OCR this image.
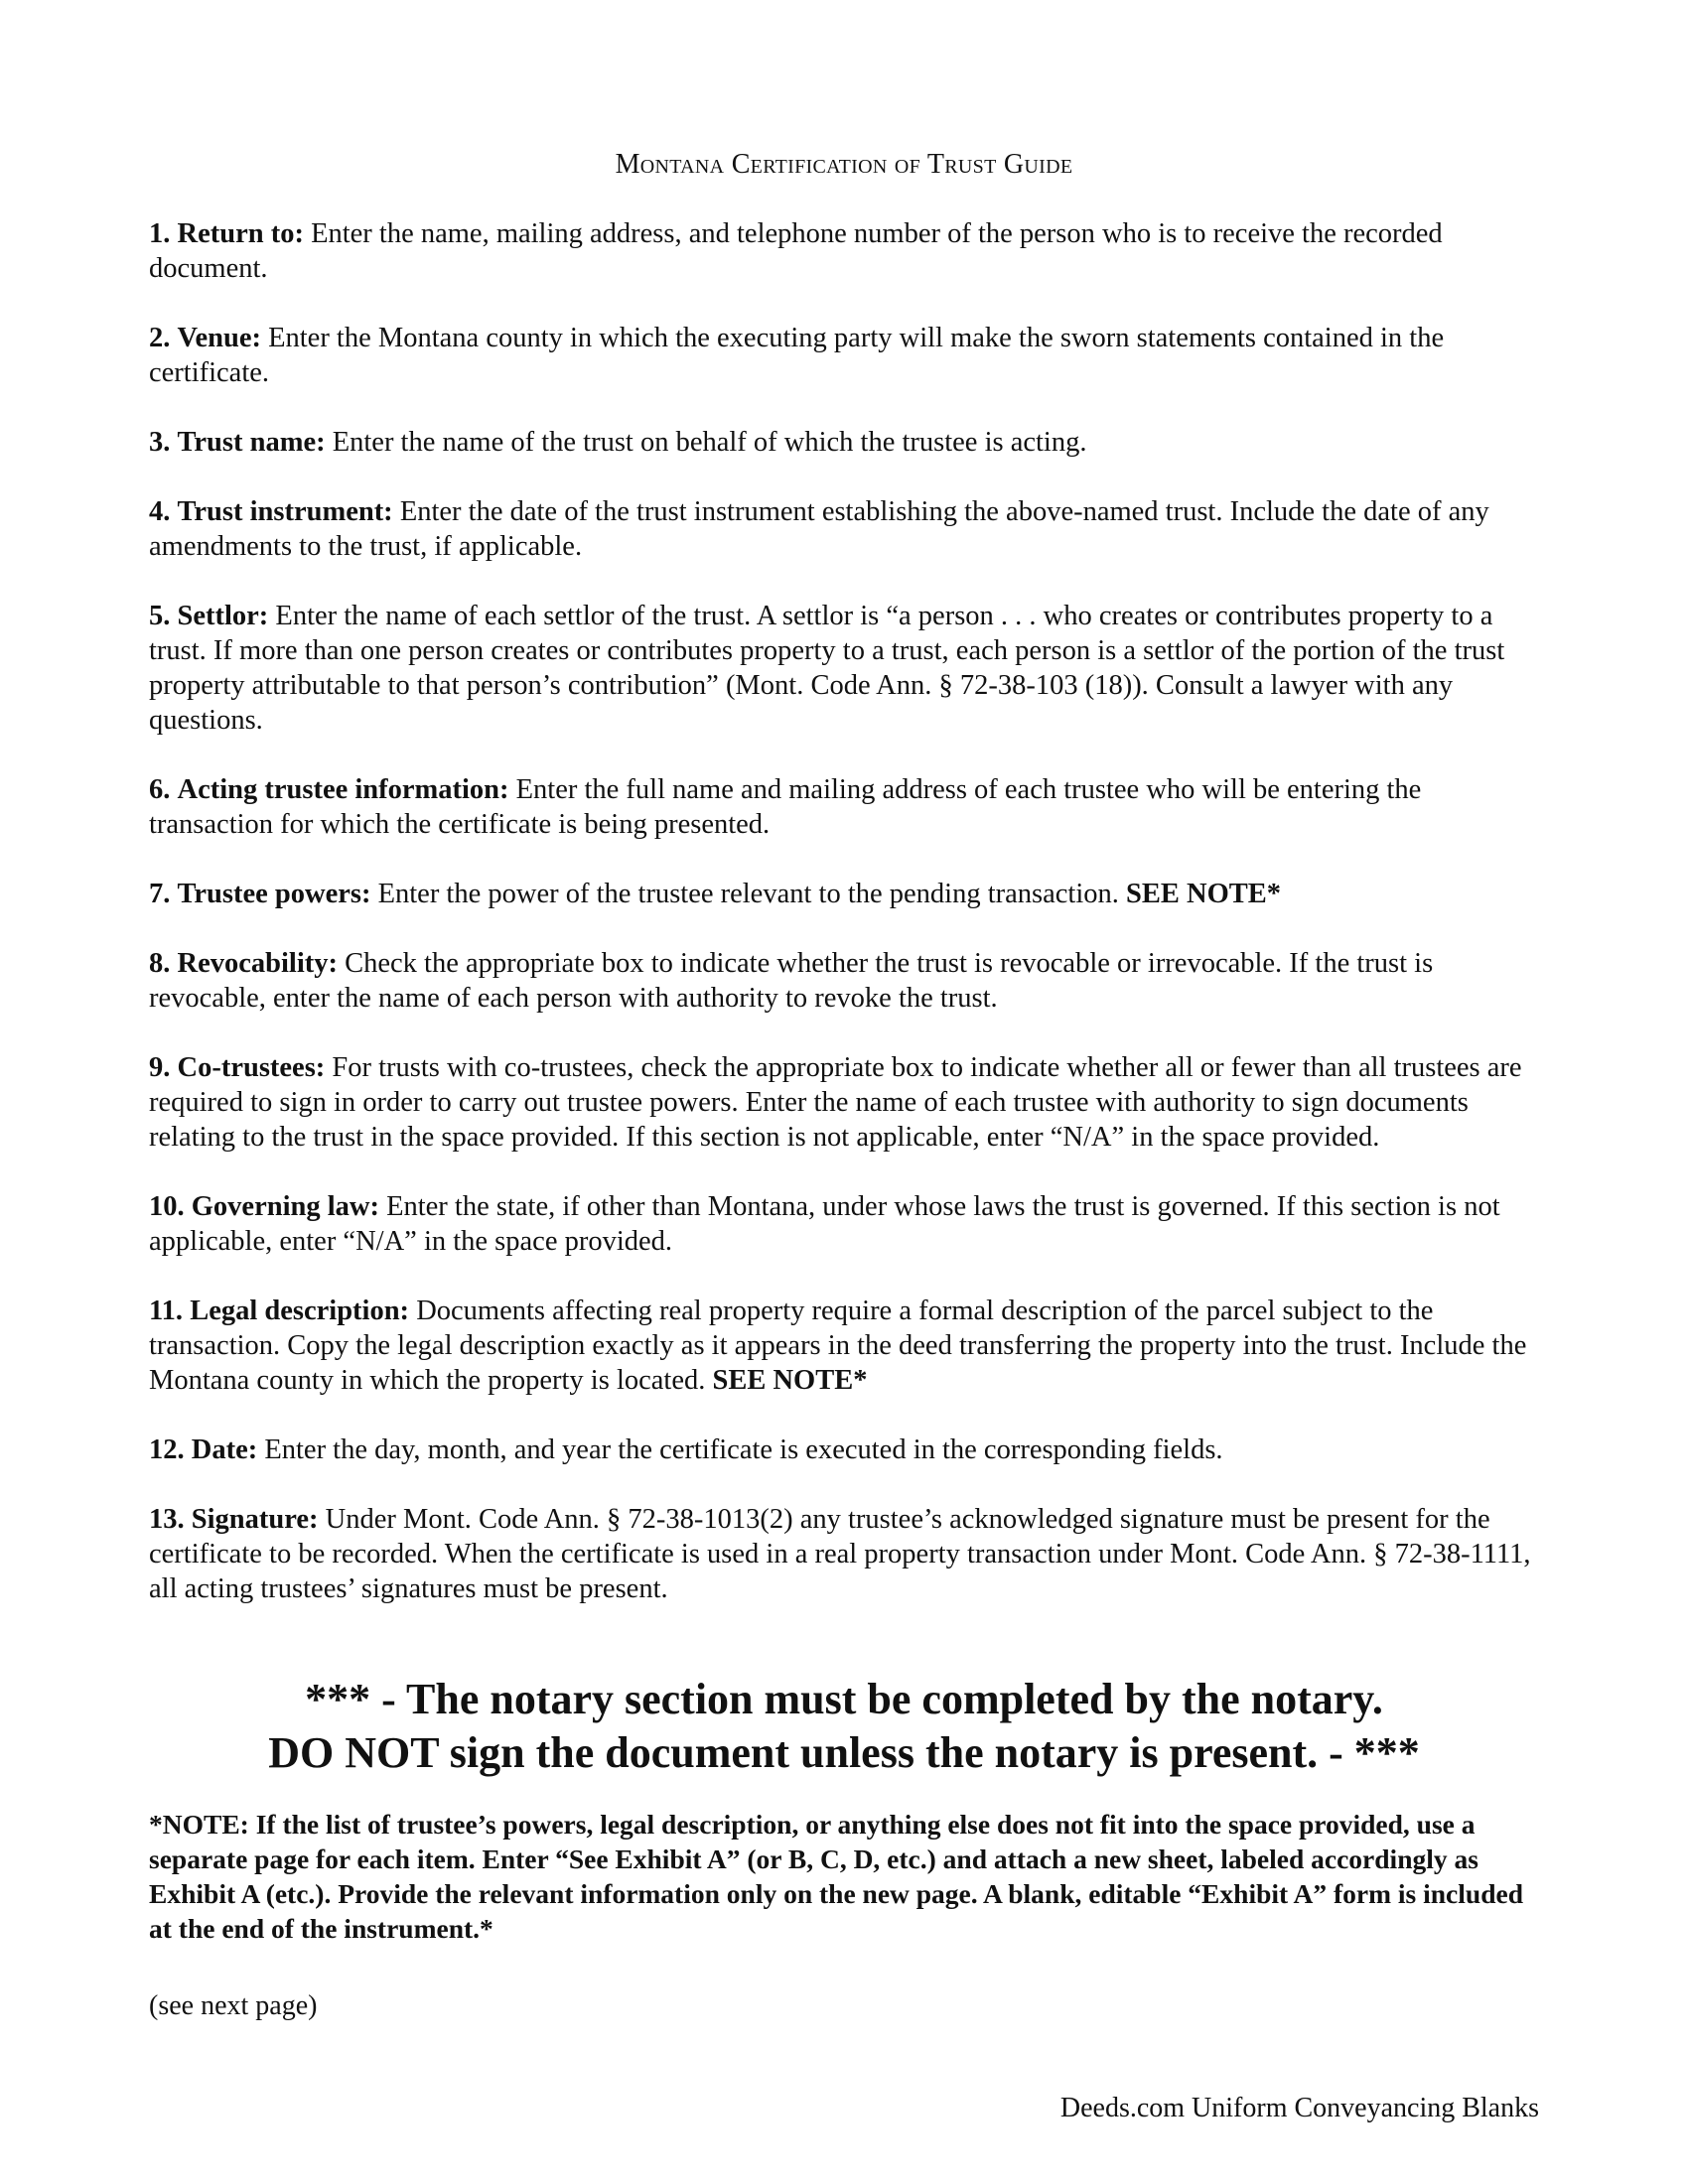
Montana Certification of Trust Guide
1. Return to: Enter the name, mailing address, and telephone number of the person who is to receive the recorded document.
2. Venue: Enter the Montana county in which the executing party will make the sworn statements contained in the certificate.
3. Trust name: Enter the name of the trust on behalf of which the trustee is acting.
4. Trust instrument: Enter the date of the trust instrument establishing the above-named trust. Include the date of any amendments to the trust, if applicable.
5. Settlor: Enter the name of each settlor of the trust. A settlor is “a person . . . who creates or contributes property to a trust. If more than one person creates or contributes property to a trust, each person is a settlor of the portion of the trust property attributable to that person’s contribution” (Mont. Code Ann. § 72-38-103 (18)). Consult a lawyer with any questions.
6. Acting trustee information: Enter the full name and mailing address of each trustee who will be entering the transaction for which the certificate is being presented.
7. Trustee powers: Enter the power of the trustee relevant to the pending transaction. SEE NOTE*
8. Revocability: Check the appropriate box to indicate whether the trust is revocable or irrevocable. If the trust is revocable, enter the name of each person with authority to revoke the trust.
9. Co-trustees: For trusts with co-trustees, check the appropriate box to indicate whether all or fewer than all trustees are required to sign in order to carry out trustee powers. Enter the name of each trustee with authority to sign documents relating to the trust in the space provided. If this section is not applicable, enter “N/A” in the space provided.
10. Governing law: Enter the state, if other than Montana, under whose laws the trust is governed. If this section is not applicable, enter “N/A” in the space provided.
11. Legal description: Documents affecting real property require a formal description of the parcel subject to the transaction. Copy the legal description exactly as it appears in the deed transferring the property into the trust. Include the Montana county in which the property is located. SEE NOTE*
12. Date: Enter the day, month, and year the certificate is executed in the corresponding fields.
13. Signature: Under Mont. Code Ann. § 72-38-1013(2) any trustee’s acknowledged signature must be present for the certificate to be recorded. When the certificate is used in a real property transaction under Mont. Code Ann. § 72-38-1111, all acting trustees’ signatures must be present.
*** - The notary section must be completed by the notary.
DO NOT sign the document unless the notary is present. - ***
*NOTE: If the list of trustee’s powers, legal description, or anything else does not fit into the space provided, use a separate page for each item. Enter “See Exhibit A” (or B, C, D, etc.) and attach a new sheet, labeled accordingly as Exhibit A (etc.). Provide the relevant information only on the new page. A blank, editable “Exhibit A” form is included at the end of the instrument.*
(see next page)
Deeds.com Uniform Conveyancing Blanks
